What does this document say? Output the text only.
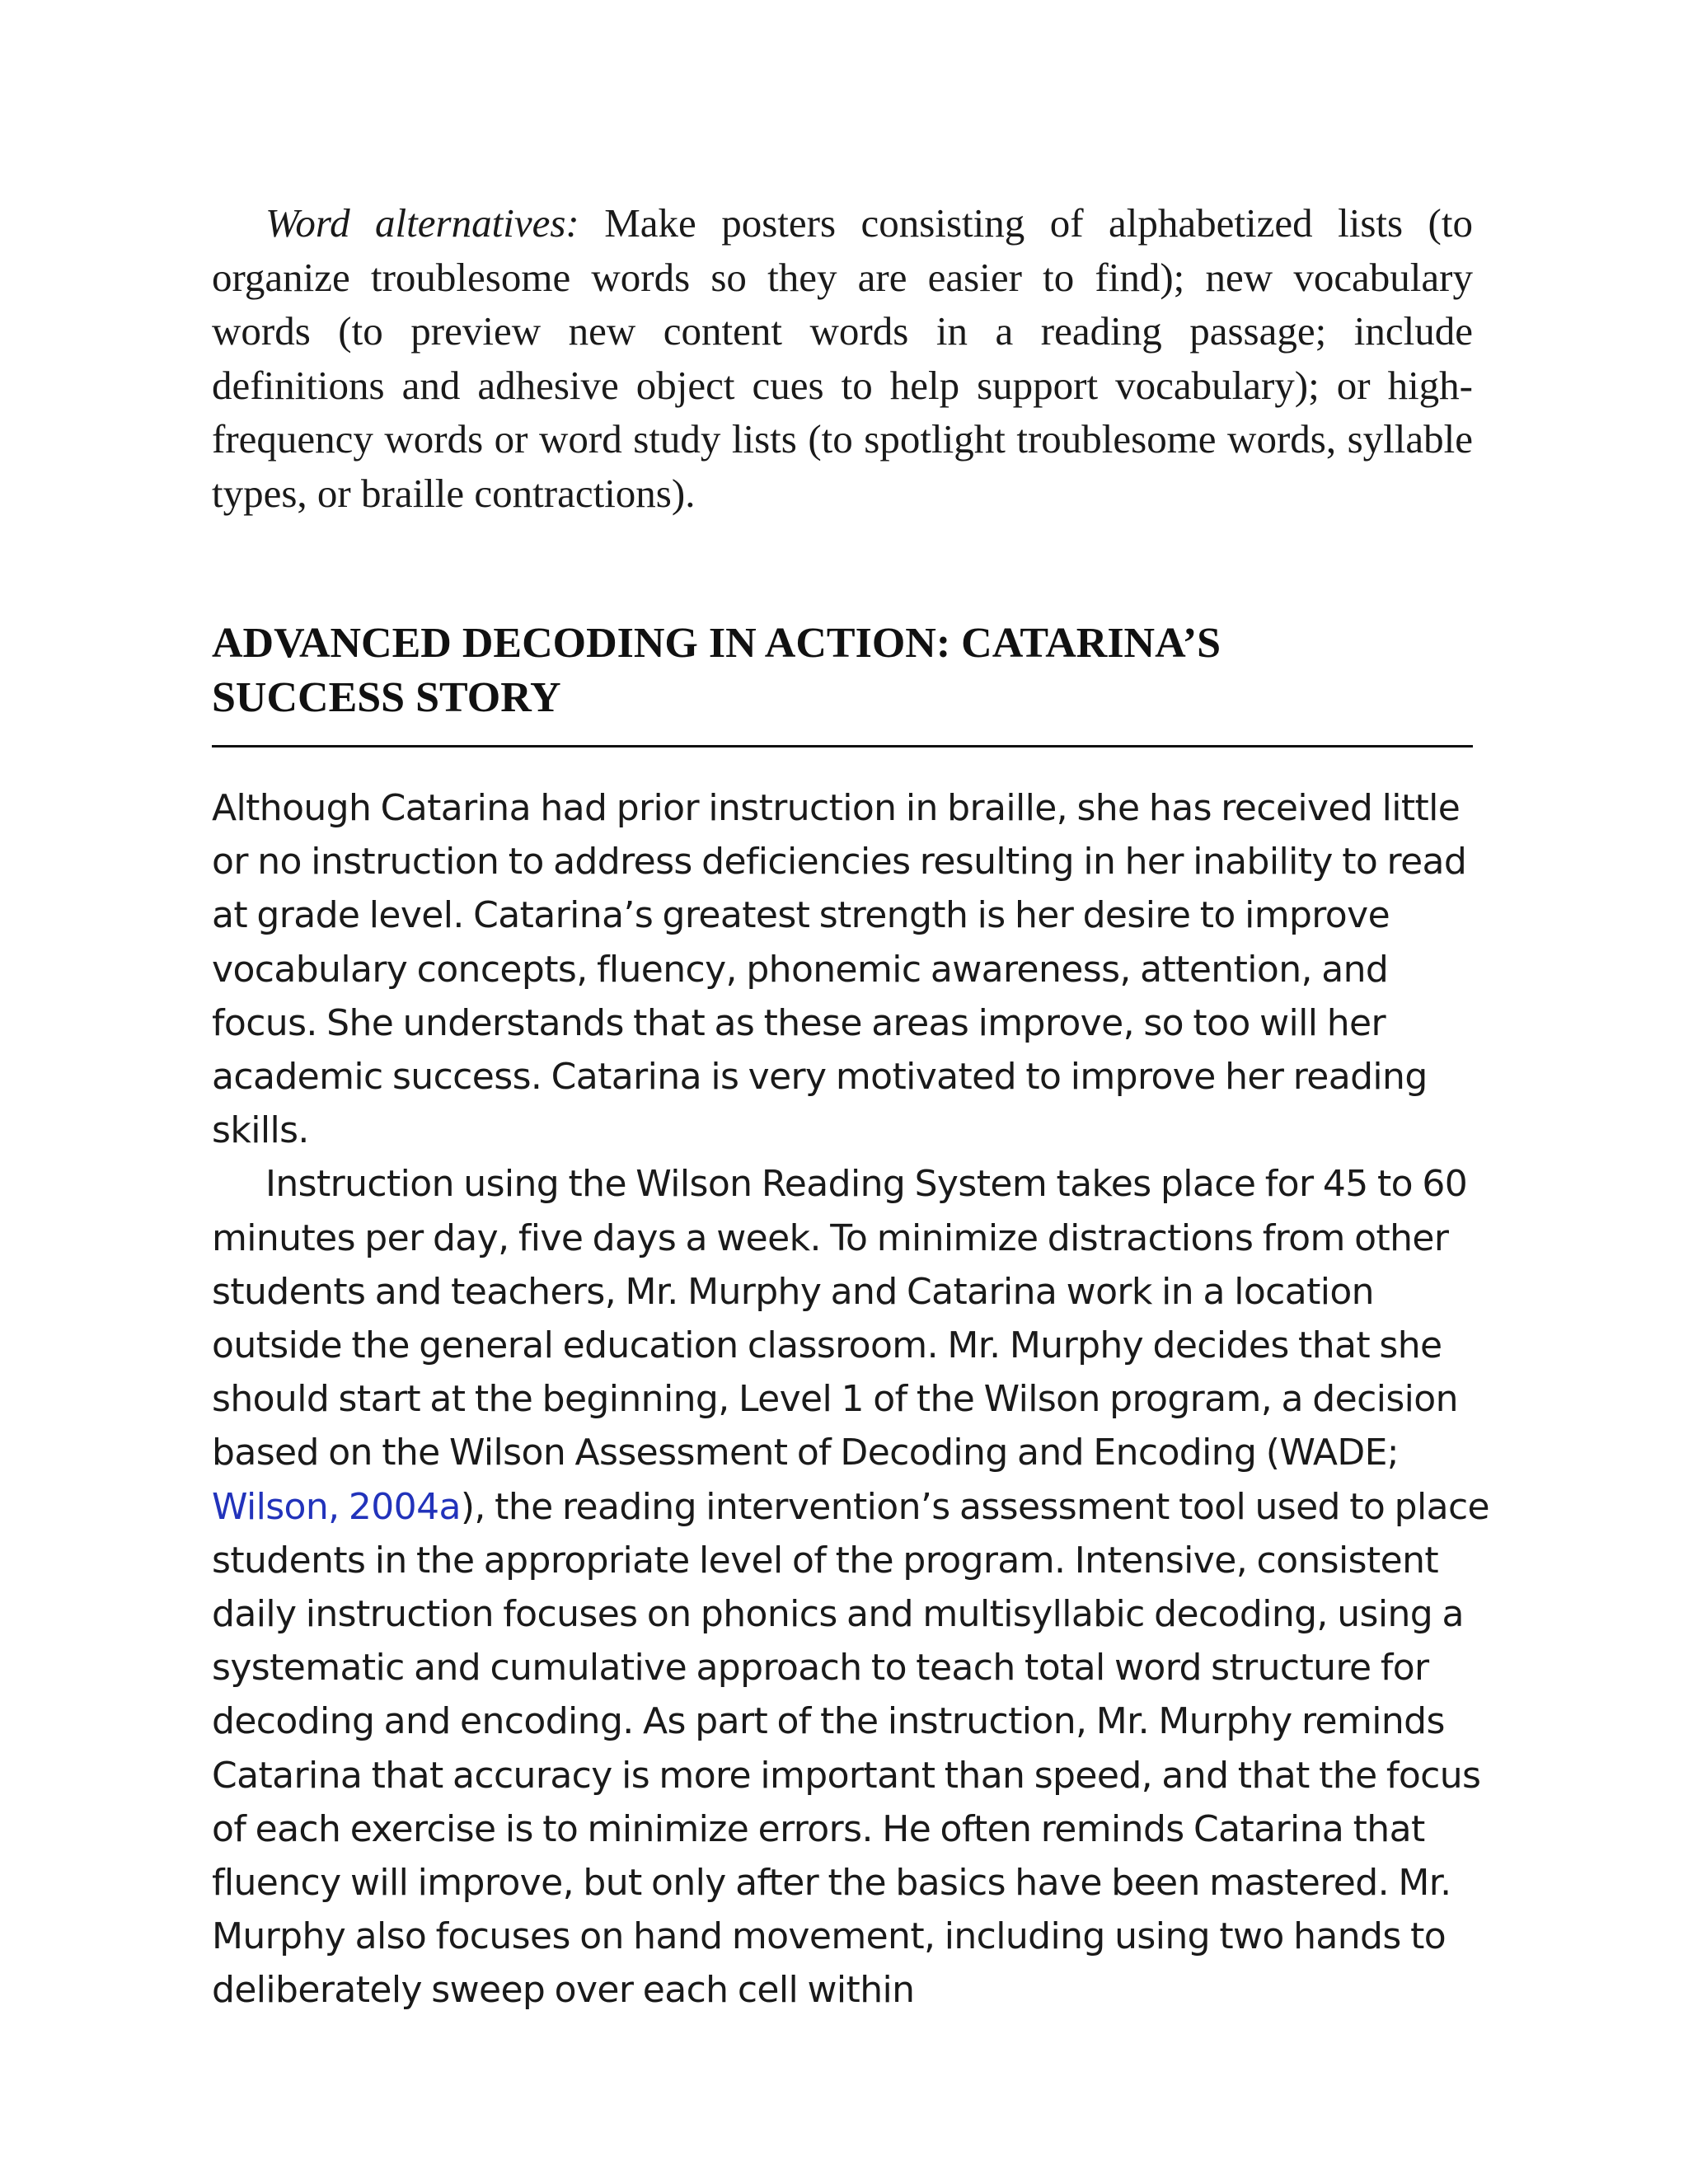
Word alternatives: Make posters consisting of alphabetized lists (to organize troublesome words so they are easier to find); new vocabulary words (to preview new content words in a reading passage; include definitions and adhesive object cues to help support vocabulary); or high-frequency words or word study lists (to spotlight troublesome words, syllable types, or braille contractions).

ADVANCED DECODING IN ACTION: CATARINA’S
SUCCESS STORY

Although Catarina had prior instruction in braille, she has received little or no instruction to address deficiencies resulting in her inability to read at grade level. Catarina’s greatest strength is her desire to improve vocabulary concepts, fluency, phonemic awareness, attention, and focus. She understands that as these areas improve, so too will her academic success. Catarina is very motivated to improve her reading skills.

Instruction using the Wilson Reading System takes place for 45 to 60 minutes per day, five days a week. To minimize distractions from other students and teachers, Mr. Murphy and Catarina work in a location outside the general education classroom. Mr. Murphy decides that she should start at the beginning, Level 1 of the Wilson program, a decision based on the Wilson Assessment of Decoding and Encoding (WADE; Wilson, 2004a), the reading intervention’s assessment tool used to place students in the appropriate level of the program. Intensive, consistent daily instruction focuses on phonics and multisyllabic decoding, using a systematic and cumulative approach to teach total word structure for decoding and encoding. As part of the instruction, Mr. Murphy reminds Catarina that accuracy is more important than speed, and that the focus of each exercise is to minimize errors. He often reminds Catarina that fluency will improve, but only after the basics have been mastered. Mr. Murphy also focuses on hand movement, including using two hands to deliberately sweep over each cell within
